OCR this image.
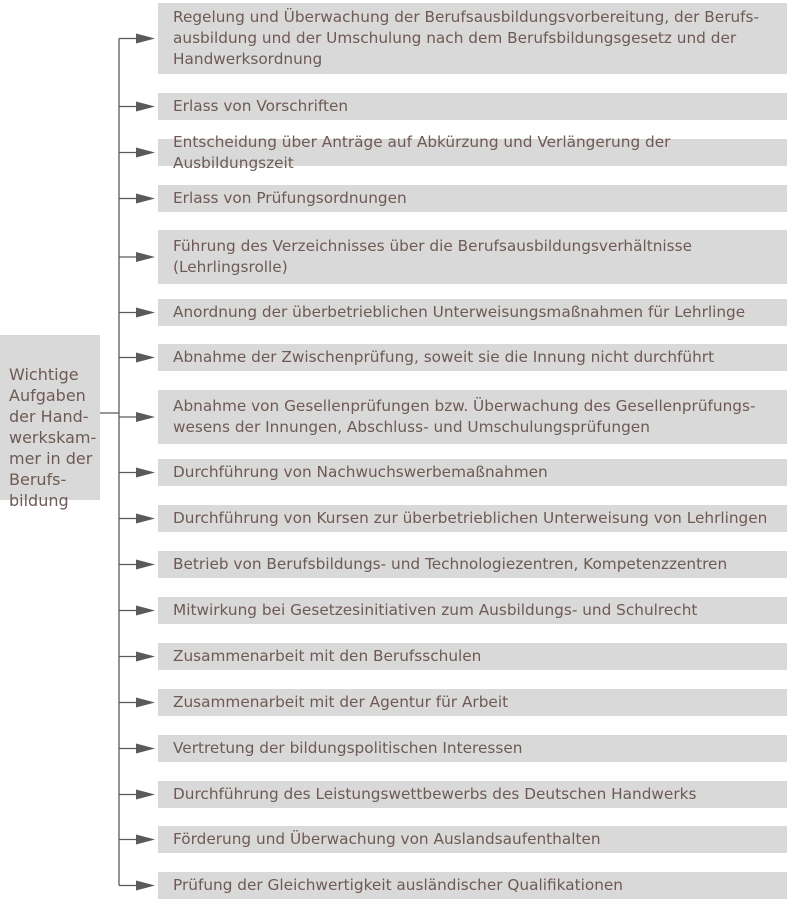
Wichtige
Aufgaben
der Hand-
werkskam-
mer in der
Berufs-
bildung

Regelung und Überwachung der Berufsausbildungsvorbereitung, der Berufs-
ausbildung und der Umschulung nach dem Berufsbildungsgesetz und der
Handwerksordnung
Erlass von Vorschriften
Entscheidung über Anträge auf Abkürzung und Verlängerung der Ausbildungszeit
Erlass von Prüfungsordnungen
Führung des Verzeichnisses über die Berufsausbildungsverhältnisse
(Lehrlingsrolle)
Anordnung der überbetrieblichen Unterweisungsmaßnahmen für Lehrlinge
Abnahme der Zwischenprüfung, soweit sie die Innung nicht durchführt
Abnahme von Gesellenprüfungen bzw. Überwachung des Gesellenprüfungs-
wesens der Innungen, Abschluss- und Umschulungsprüfungen
Durchführung von Nachwuchswerbemaßnahmen
Durchführung von Kursen zur überbetrieblichen Unterweisung von Lehrlingen
Betrieb von Berufsbildungs- und Technologiezentren, Kompetenzzentren
Mitwirkung bei Gesetzesinitiativen zum Ausbildungs- und Schulrecht
Zusammenarbeit mit den Berufsschulen
Zusammenarbeit mit der Agentur für Arbeit
Vertretung der bildungspolitischen Interessen
Durchführung des Leistungswettbewerbs des Deutschen Handwerks
Förderung und Überwachung von Auslandsaufenthalten
Prüfung der Gleichwertigkeit ausländischer Qualifikationen
